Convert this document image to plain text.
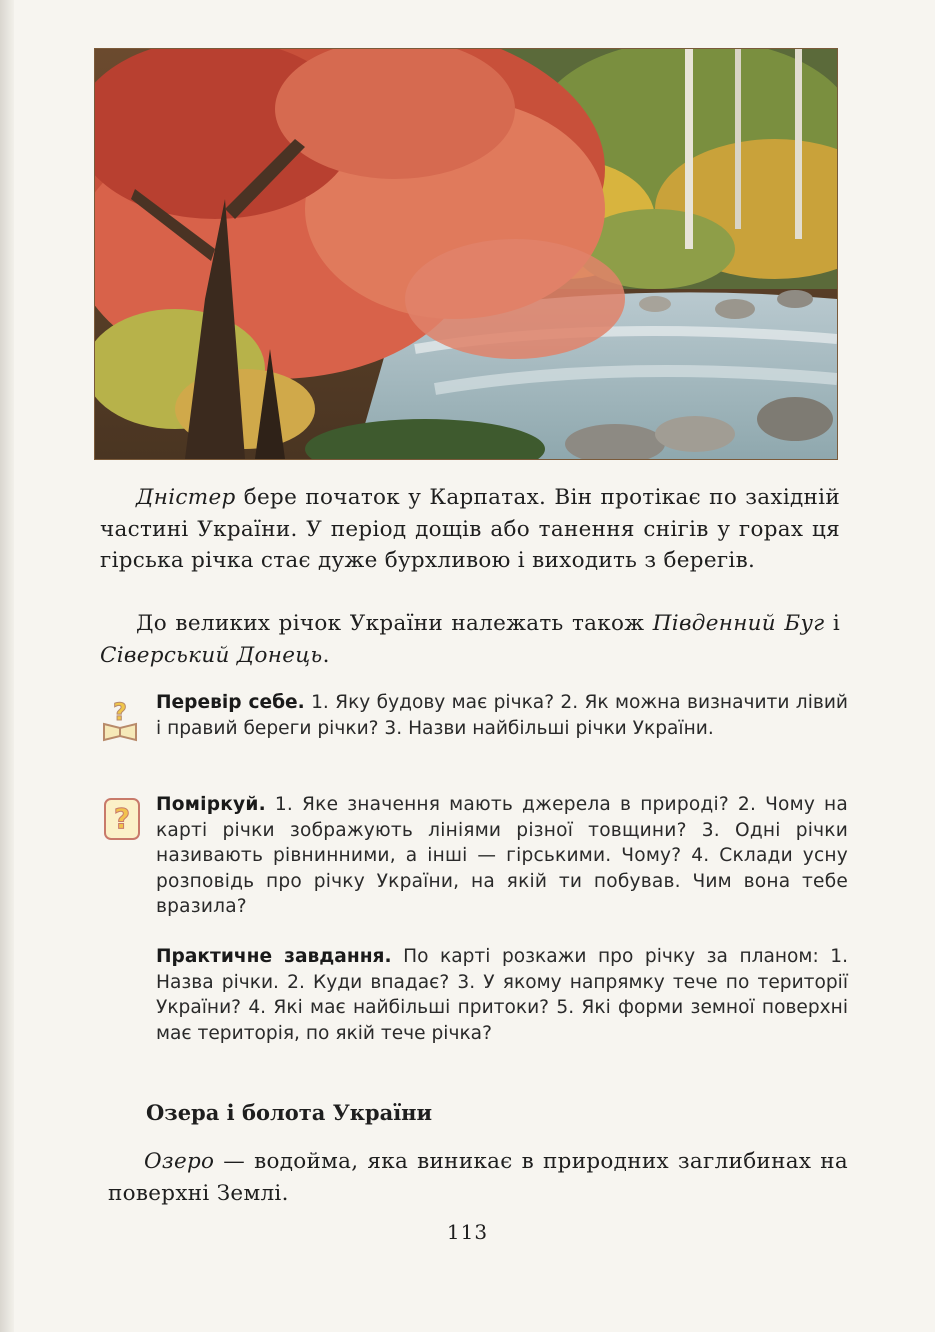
Дністер бере початок у Карпатах. Він протікає по західній частині України. У період дощів або танення снігів у горах ця гірська річка стає дуже бурхливою і виходить з берегів.
До великих річок України належать також Південний Буг і Сіверський Донець.
? Перевір себе. 1. Яку будову має річка? 2. Як можна визначити лівий і правий береги річки? 3. Назви найбільші річки України.
? Поміркуй. 1. Яке значення мають джерела в природі? 2. Чому на карті річки зображують лініями різної товщини? 3. Одні річки називають рівнинними, а інші — гірськими. Чому? 4. Склади усну розповідь про річку України, на якій ти побував. Чим вона тебе вразила?
Практичне завдання. По карті розкажи про річку за планом: 1. Назва річки. 2. Куди впадає? 3. У якому напрямку тече по території України? 4. Які має найбільші притоки? 5. Які форми земної поверхні має територія, по якій тече річка?
Озера і болота України
Озеро — водойма, яка виникає в природних заглибинах на поверхні Землі.
113
